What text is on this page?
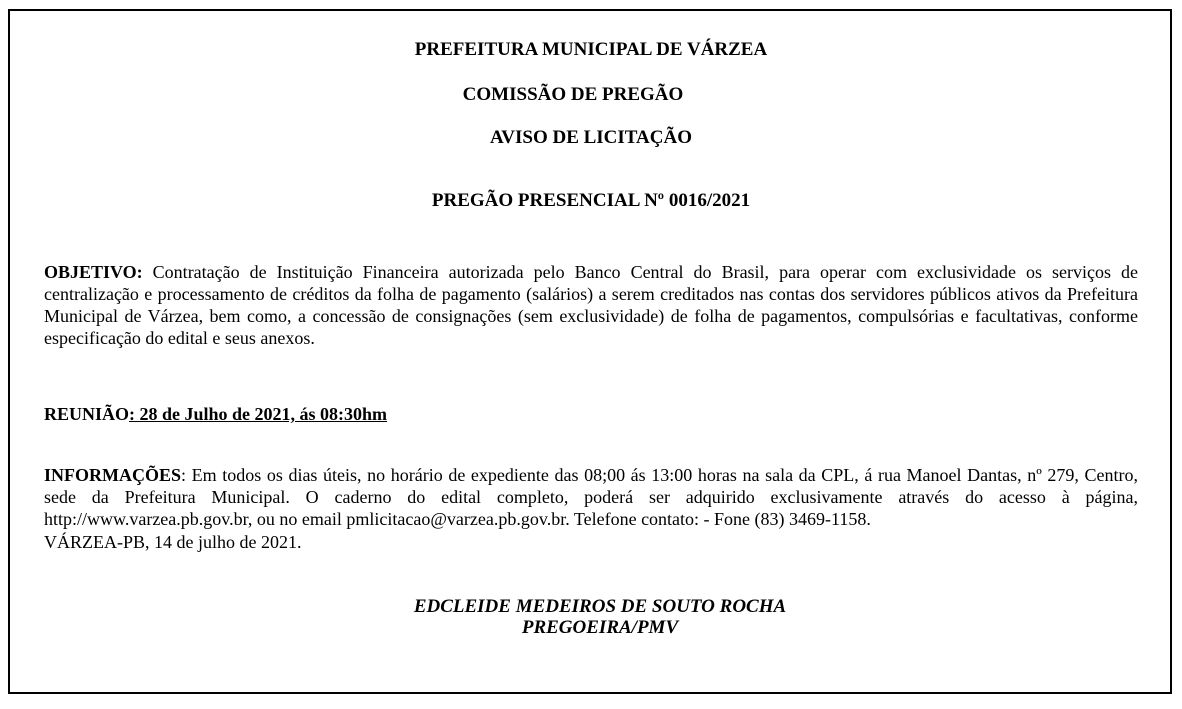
PREFEITURA MUNICIPAL DE VÁRZEA

COMISSÃO DE PREGÃO

AVISO DE LICITAÇÃO

PREGÃO PRESENCIAL Nº 0016/2021

OBJETIVO: Contratação de Instituição Financeira autorizada pelo Banco Central do Brasil, para operar com exclusividade os serviços de centralização e processamento de créditos da folha de pagamento (salários) a serem creditados nas contas dos servidores públicos ativos da Prefeitura Municipal de Várzea, bem como, a concessão de consignações (sem exclusividade) de folha de pagamentos, compulsórias e facultativas, conforme especificação do edital e seus anexos.

REUNIÃO: 28 de Julho de 2021, ás 08:30hm

INFORMAÇÕES: Em todos os dias úteis, no horário de expediente das 08;00 ás 13:00 horas na sala da CPL, á rua Manoel Dantas, nº 279, Centro, sede da Prefeitura Municipal. O caderno do edital completo, poderá ser adquirido exclusivamente através do acesso à página, http://www.varzea.pb.gov.br, ou no email pmlicitacao@varzea.pb.gov.br. Telefone contato: - Fone (83) 3469-1158.

VÁRZEA-PB, 14 de julho de 2021.

EDCLEIDE MEDEIROS DE SOUTO ROCHA

PREGOEIRA/PMV
